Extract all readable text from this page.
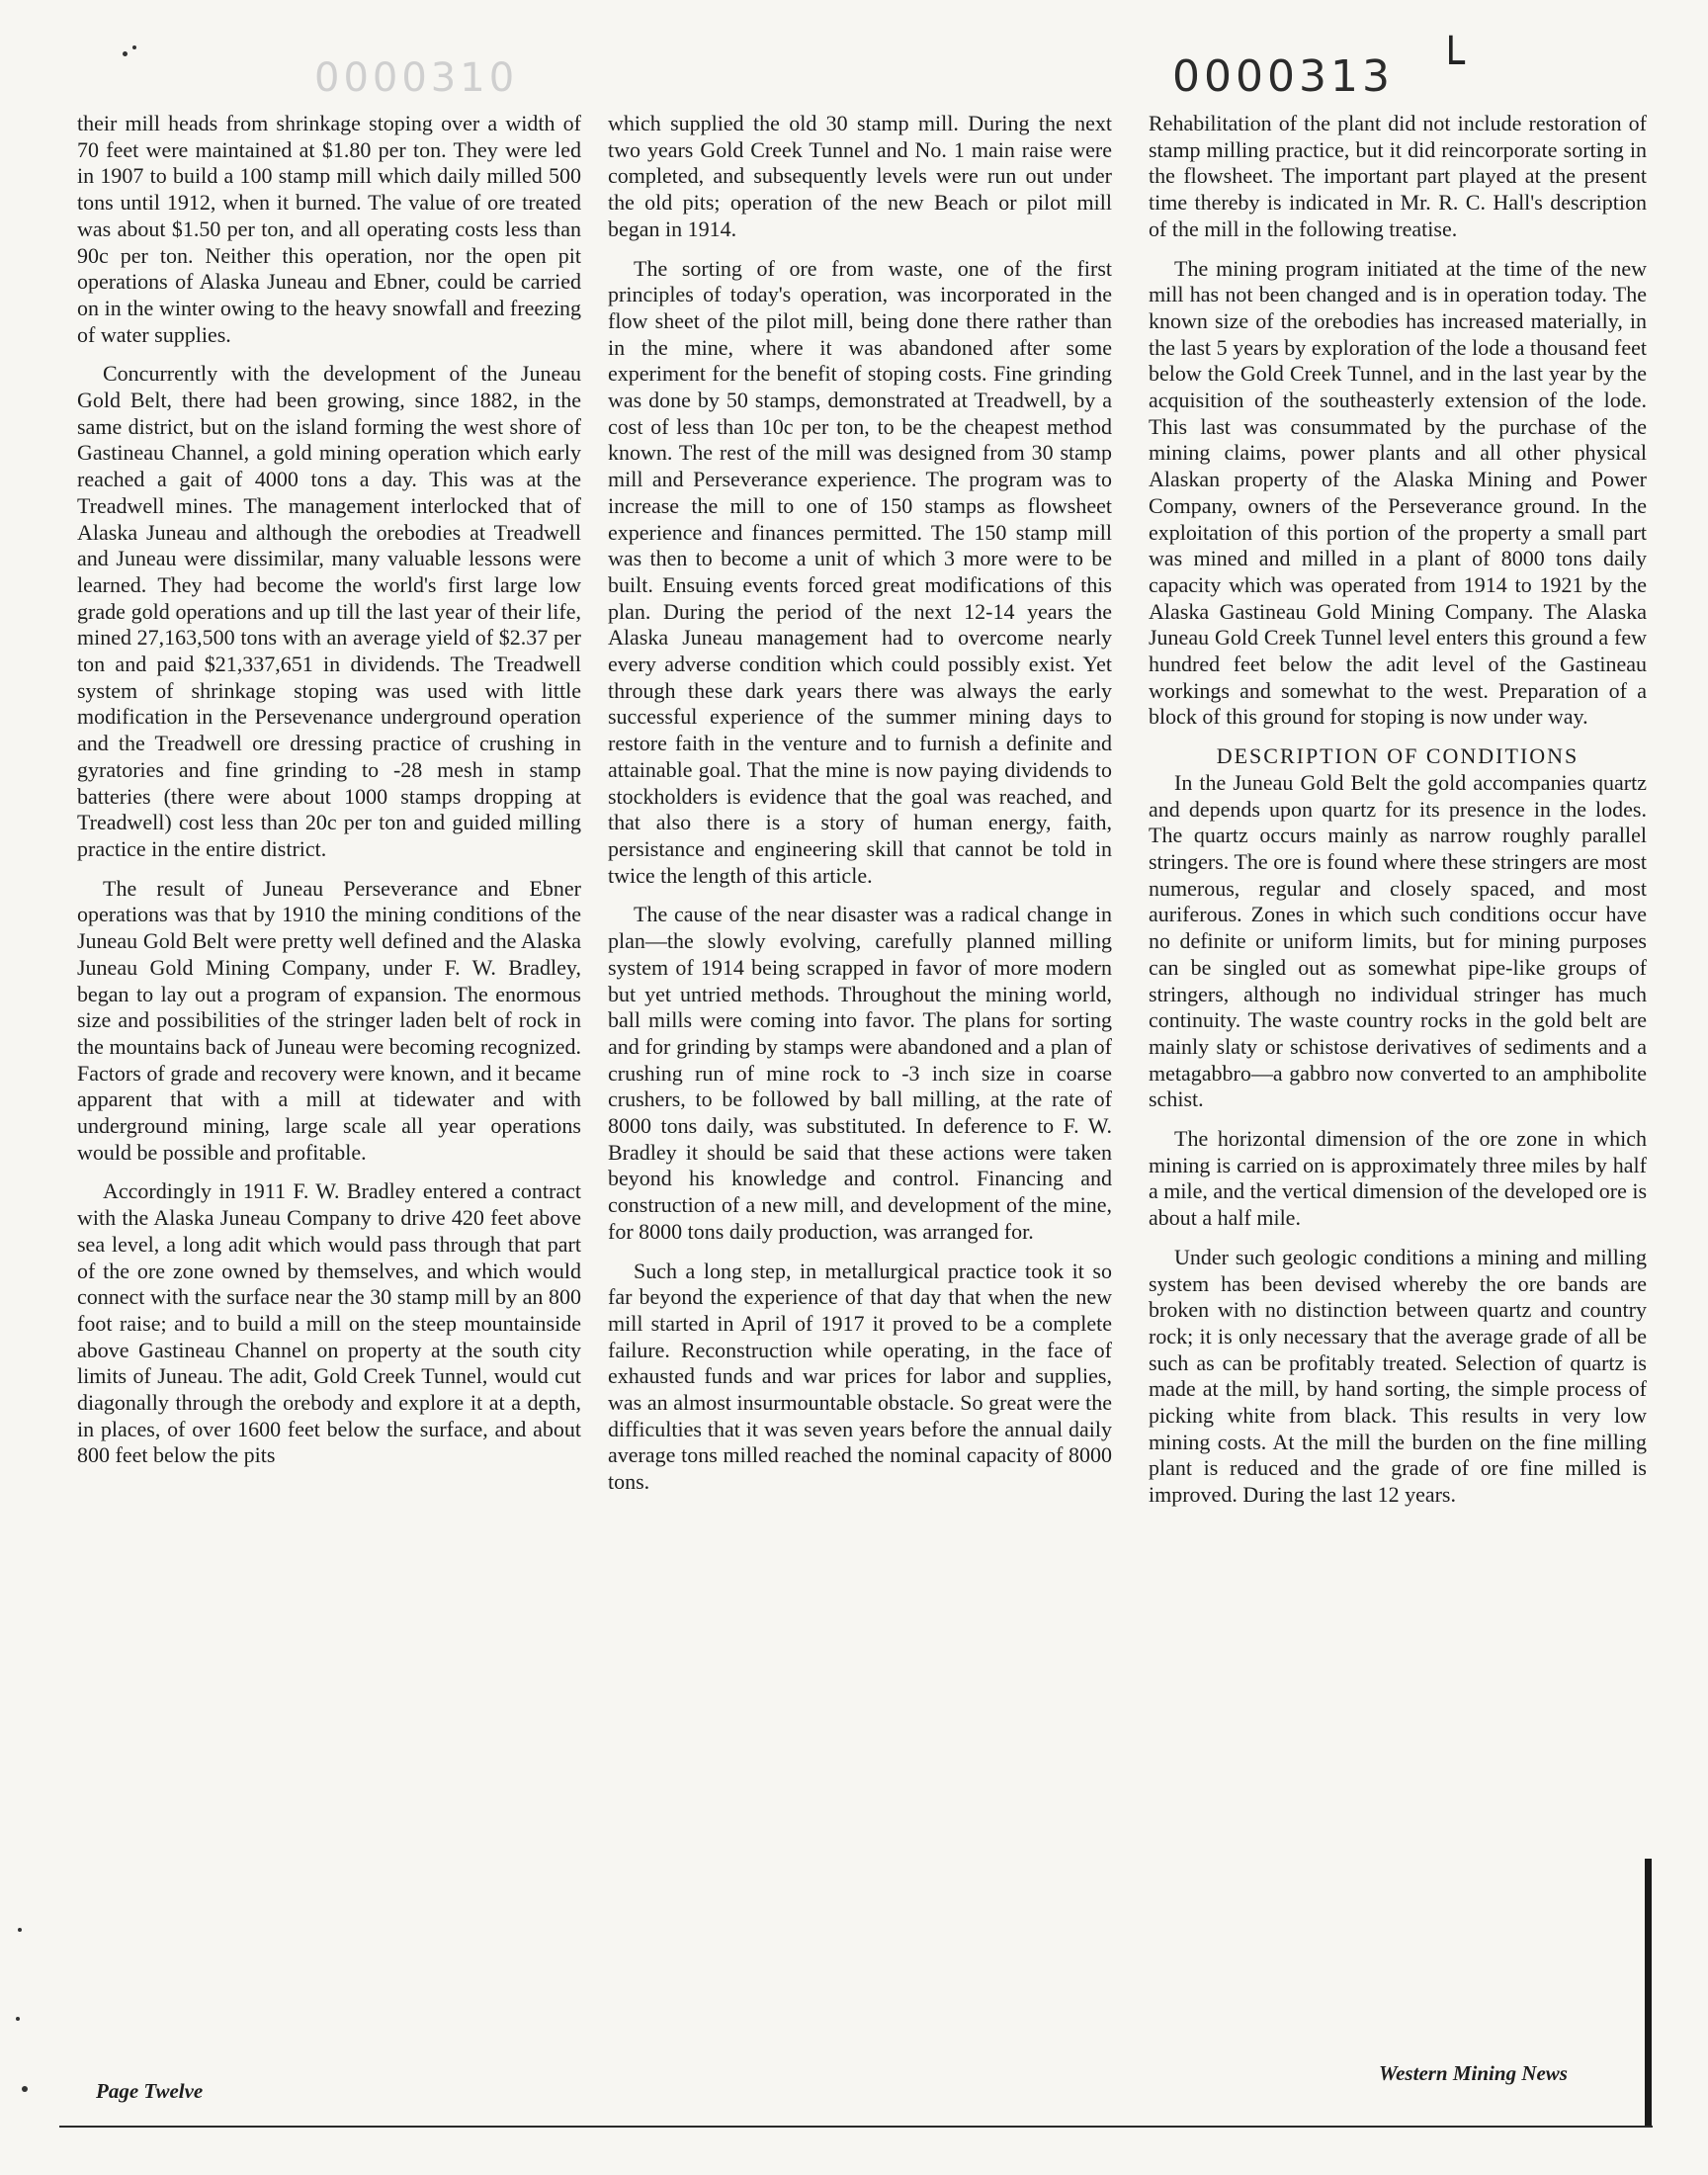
0000310	0000313 └

their mill heads from shrinkage stoping over a width of 70 feet were maintained at $1.80 per ton. They were led in 1907 to build a 100 stamp mill which daily milled 500 tons until 1912, when it burned. The value of ore treated was about $1.50 per ton, and all operating costs less than 90c per ton. Neither this operation, nor the open pit operations of Alaska Juneau and Ebner, could be carried on in the winter owing to the heavy snowfall and freezing of water supplies.

Concurrently with the development of the Juneau Gold Belt, there had been growing, since 1882, in the same district, but on the island forming the west shore of Gastineau Channel, a gold mining operation which early reached a gait of 4000 tons a day. This was at the Treadwell mines. The management interlocked that of Alaska Juneau and although the orebodies at Treadwell and Juneau were dissimilar, many valuable lessons were learned. They had become the world's first large low grade gold operations and up till the last year of their life, mined 27,163,500 tons with an average yield of $2.37 per ton and paid $21,337,651 in dividends. The Treadwell system of shrinkage stoping was used with little modification in the Persevenance underground operation and the Treadwell ore dressing practice of crushing in gyratories and fine grinding to -28 mesh in stamp batteries (there were about 1000 stamps dropping at Treadwell) cost less than 20c per ton and guided milling practice in the entire district.

The result of Juneau Perseverance and Ebner operations was that by 1910 the mining conditions of the Juneau Gold Belt were pretty well defined and the Alaska Juneau Gold Mining Company, under F. W. Bradley, began to lay out a program of expansion. The enormous size and possibilities of the stringer laden belt of rock in the mountains back of Juneau were becoming recognized. Factors of grade and recovery were known, and it became apparent that with a mill at tidewater and with underground mining, large scale all year operations would be possible and profitable.

Accordingly in 1911 F. W. Bradley entered a contract with the Alaska Juneau Company to drive 420 feet above sea level, a long adit which would pass through that part of the ore zone owned by themselves, and which would connect with the surface near the 30 stamp mill by an 800 foot raise; and to build a mill on the steep mountainside above Gastineau Channel on property at the south city limits of Juneau. The adit, Gold Creek Tunnel, would cut diagonally through the orebody and explore it at a depth, in places, of over 1600 feet below the surface, and about 800 feet below the pits

which supplied the old 30 stamp mill. During the next two years Gold Creek Tunnel and No. 1 main raise were completed, and subsequently levels were run out under the old pits; operation of the new Beach or pilot mill began in 1914.

The sorting of ore from waste, one of the first principles of today's operation, was incorporated in the flow sheet of the pilot mill, being done there rather than in the mine, where it was abandoned after some experiment for the benefit of stoping costs. Fine grinding was done by 50 stamps, demonstrated at Treadwell, by a cost of less than 10c per ton, to be the cheapest method known. The rest of the mill was designed from 30 stamp mill and Perseverance experience. The program was to increase the mill to one of 150 stamps as flowsheet experience and finances permitted. The 150 stamp mill was then to become a unit of which 3 more were to be built. Ensuing events forced great modifications of this plan. During the period of the next 12-14 years the Alaska Juneau management had to overcome nearly every adverse condition which could possibly exist. Yet through these dark years there was always the early successful experience of the summer mining days to restore faith in the venture and to furnish a definite and attainable goal. That the mine is now paying dividends to stockholders is evidence that the goal was reached, and that also there is a story of human energy, faith, persistance and engineering skill that cannot be told in twice the length of this article.

The cause of the near disaster was a radical change in plan—the slowly evolving, carefully planned milling system of 1914 being scrapped in favor of more modern but yet untried methods. Throughout the mining world, ball mills were coming into favor. The plans for sorting and for grinding by stamps were abandoned and a plan of crushing run of mine rock to -3 inch size in coarse crushers, to be followed by ball milling, at the rate of 8000 tons daily, was substituted. In deference to F. W. Bradley it should be said that these actions were taken beyond his knowledge and control. Financing and construction of a new mill, and development of the mine, for 8000 tons daily production, was arranged for.

Such a long step, in metallurgical practice took it so far beyond the experience of that day that when the new mill started in April of 1917 it proved to be a complete failure. Reconstruction while operating, in the face of exhausted funds and war prices for labor and supplies, was an almost insurmountable obstacle. So great were the difficulties that it was seven years before the annual daily average tons milled reached the nominal capacity of 8000 tons.

Rehabilitation of the plant did not include restoration of stamp milling practice, but it did reincorporate sorting in the flowsheet. The important part played at the present time thereby is indicated in Mr. R. C. Hall's description of the mill in the following treatise.

The mining program initiated at the time of the new mill has not been changed and is in operation today. The known size of the orebodies has increased materially, in the last 5 years by exploration of the lode a thousand feet below the Gold Creek Tunnel, and in the last year by the acquisition of the southeasterly extension of the lode. This last was consummated by the purchase of the mining claims, power plants and all other physical Alaskan property of the Alaska Mining and Power Company, owners of the Perseverance ground. In the exploitation of this portion of the property a small part was mined and milled in a plant of 8000 tons daily capacity which was operated from 1914 to 1921 by the Alaska Gastineau Gold Mining Company. The Alaska Juneau Gold Creek Tunnel level enters this ground a few hundred feet below the adit level of the Gastineau workings and somewhat to the west. Preparation of a block of this ground for stoping is now under way.

DESCRIPTION OF CONDITIONS

In the Juneau Gold Belt the gold accompanies quartz and depends upon quartz for its presence in the lodes. The quartz occurs mainly as narrow roughly parallel stringers. The ore is found where these stringers are most numerous, regular and closely spaced, and most auriferous. Zones in which such conditions occur have no definite or uniform limits, but for mining purposes can be singled out as somewhat pipe-like groups of stringers, although no individual stringer has much continuity. The waste country rocks in the gold belt are mainly slaty or schistose derivatives of sediments and a metagabbro—a gabbro now converted to an amphibolite schist.

The horizontal dimension of the ore zone in which mining is carried on is approximately three miles by half a mile, and the vertical dimension of the developed ore is about a half mile.

Under such geologic conditions a mining and milling system has been devised whereby the ore bands are broken with no distinction between quartz and country rock; it is only necessary that the average grade of all be such as can be profitably treated. Selection of quartz is made at the mill, by hand sorting, the simple process of picking white from black. This results in very low mining costs. At the mill the burden on the fine milling plant is reduced and the grade of ore fine milled is improved. During the last 12 years.

Page Twelve
Western Mining News
